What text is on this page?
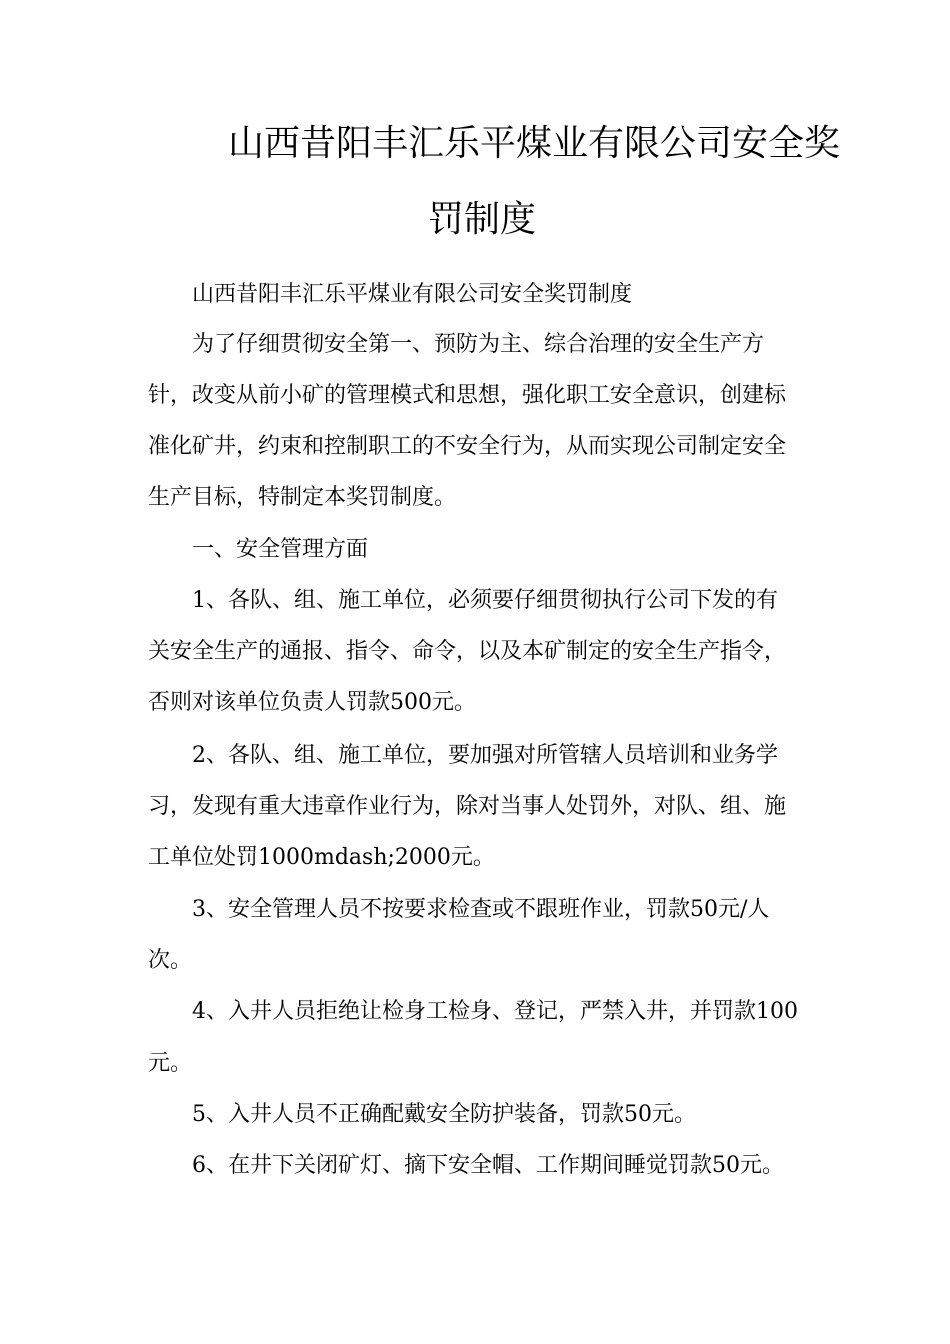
山西昔阳丰汇乐平煤业有限公司安全奖
罚制度
山西昔阳丰汇乐平煤业有限公司安全奖罚制度
为了仔细贯彻安全第一、预防为主、综合治理的安全生产方
针，改变从前小矿的管理模式和思想，强化职工安全意识，创建标
准化矿井，约束和控制职工的不安全行为，从而实现公司制定安全
生产目标，特制定本奖罚制度。
一、安全管理方面
1、各队、组、施工单位，必须要仔细贯彻执行公司下发的有
关安全生产的通报、指令、命令，以及本矿制定的安全生产指令，
否则对该单位负责人罚款500元。
2、各队、组、施工单位，要加强对所管辖人员培训和业务学
习，发现有重大违章作业行为，除对当事人处罚外，对队、组、施
工单位处罚1000mdash;2000元。
3、安全管理人员不按要求检查或不跟班作业，罚款50元/人
次。
4、入井人员拒绝让检身工检身、登记，严禁入井，并罚款100
元。
5、入井人员不正确配戴安全防护装备，罚款50元。
6、在井下关闭矿灯、摘下安全帽、工作期间睡觉罚款50元。
